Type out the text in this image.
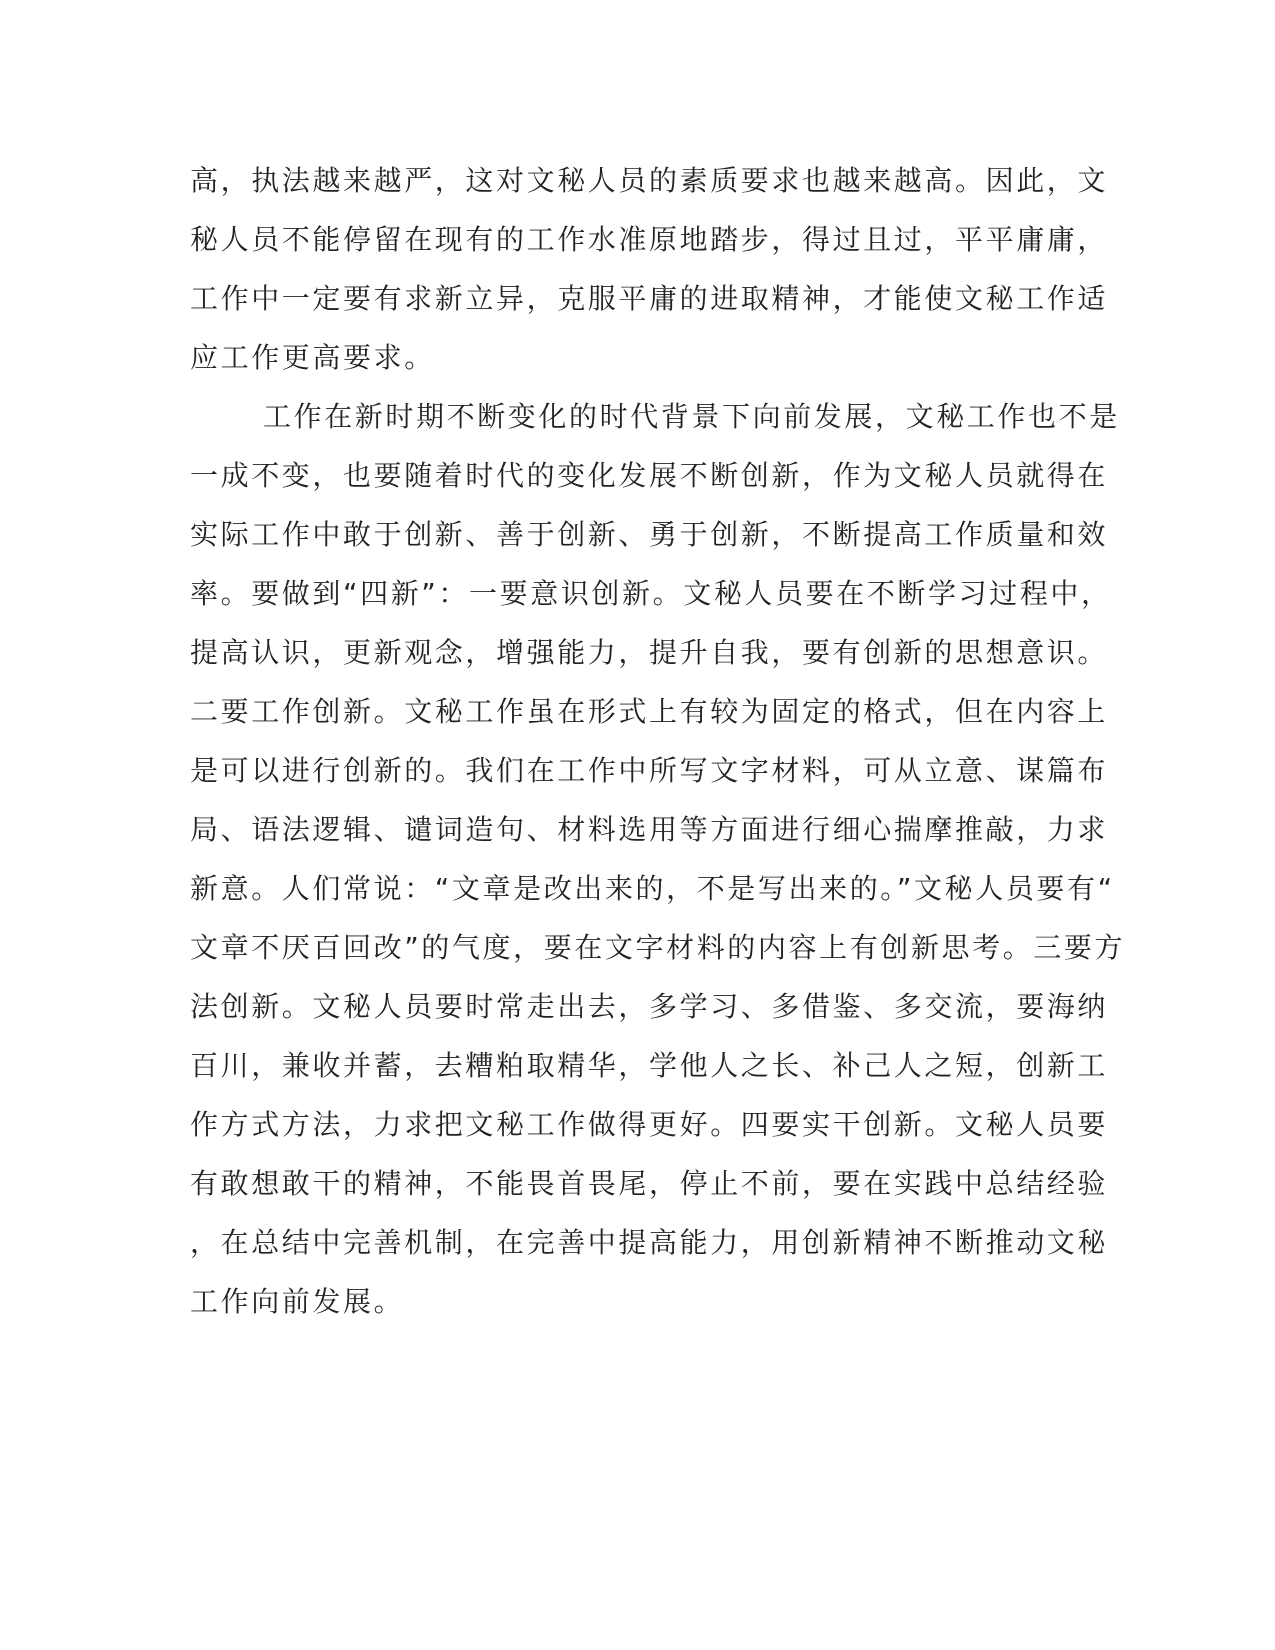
高，执法越来越严，这对文秘人员的素质要求也越来越高。因此，文

秘人员不能停留在现有的工作水准原地踏步，得过且过，平平庸庸，

工作中一定要有求新立异，克服平庸的进取精神，才能使文秘工作适

应工作更高要求。

工作在新时期不断变化的时代背景下向前发展，文秘工作也不是

一成不变，也要随着时代的变化发展不断创新，作为文秘人员就得在

实际工作中敢于创新、善于创新、勇于创新，不断提高工作质量和效

率。要做到“四新”：一要意识创新。文秘人员要在不断学习过程中，

提高认识，更新观念，增强能力，提升自我，要有创新的思想意识。

二要工作创新。文秘工作虽在形式上有较为固定的格式，但在内容上

是可以进行创新的。我们在工作中所写文字材料，可从立意、谋篇布

局、语法逻辑、谴词造句、材料选用等方面进行细心揣摩推敲，力求

新意。人们常说：“文章是改出来的，不是写出来的。”文秘人员要有“

文章不厌百回改”的气度，要在文字材料的内容上有创新思考。三要方

法创新。文秘人员要时常走出去，多学习、多借鉴、多交流，要海纳

百川，兼收并蓄，去糟粕取精华，学他人之长、补己人之短，创新工

作方式方法，力求把文秘工作做得更好。四要实干创新。文秘人员要

有敢想敢干的精神，不能畏首畏尾，停止不前，要在实践中总结经验

，在总结中完善机制，在完善中提高能力，用创新精神不断推动文秘

工作向前发展。
